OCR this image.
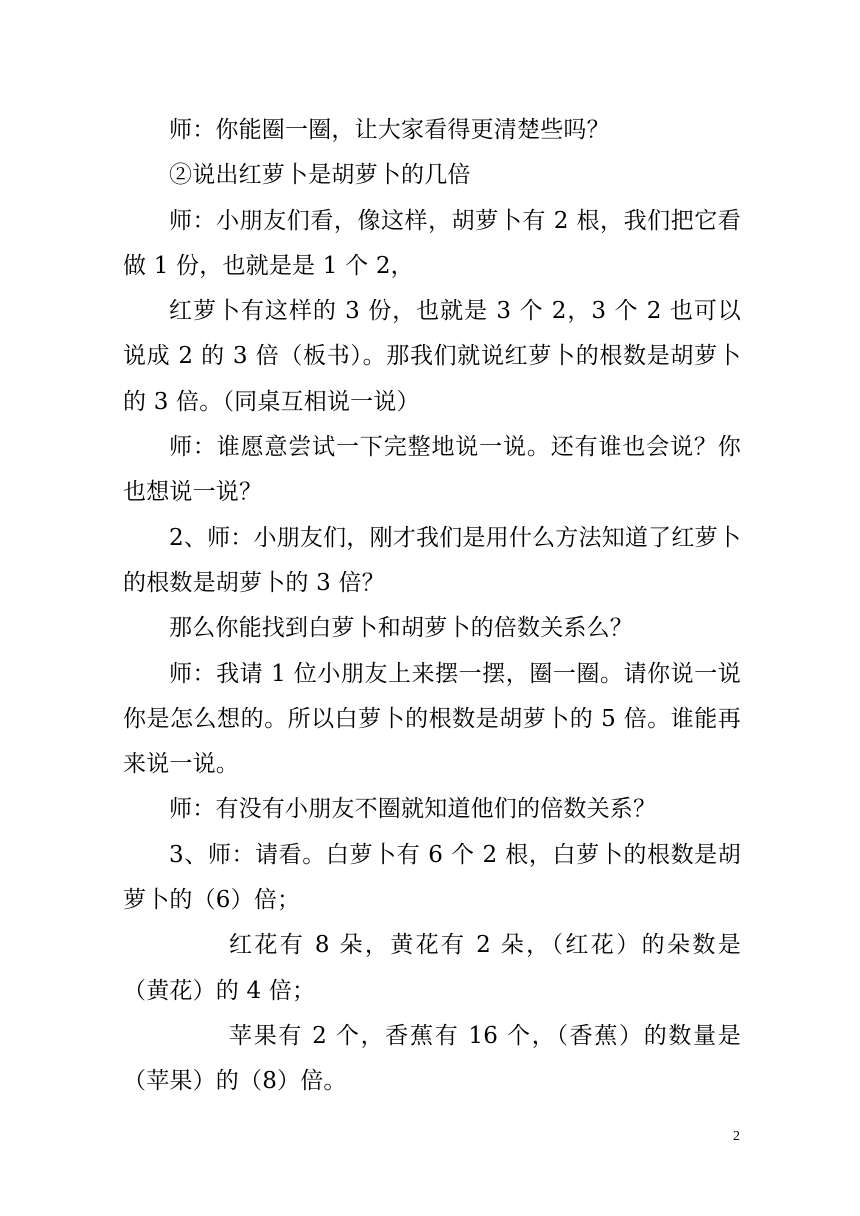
师：你能圈一圈，让大家看得更清楚些吗？

②说出红萝卜是胡萝卜的几倍

师：小朋友们看，像这样，胡萝卜有 2 根，我们把它看做 1 份，也就是是 1 个 2，

红萝卜有这样的 3 份，也就是 3 个 2，3 个 2 也可以说成 2 的 3 倍（板书）。那我们就说红萝卜的根数是胡萝卜的 3 倍。（同桌互相说一说）

师：谁愿意尝试一下完整地说一说。还有谁也会说？你也想说一说？

2、师：小朋友们，刚才我们是用什么方法知道了红萝卜的根数是胡萝卜的 3 倍？

那么你能找到白萝卜和胡萝卜的倍数关系么？

师：我请 1 位小朋友上来摆一摆，圈一圈。请你说一说你是怎么想的。所以白萝卜的根数是胡萝卜的 5 倍。谁能再来说一说。

师：有没有小朋友不圈就知道他们的倍数关系？

3、师：请看。白萝卜有 6 个 2 根，白萝卜的根数是胡萝卜的（6）倍；

红花有 8 朵，黄花有 2 朵，（红花）的朵数是（黄花）的 4 倍；

苹果有 2 个，香蕉有 16 个，（香蕉）的数量是（苹果）的（8）倍。

2
